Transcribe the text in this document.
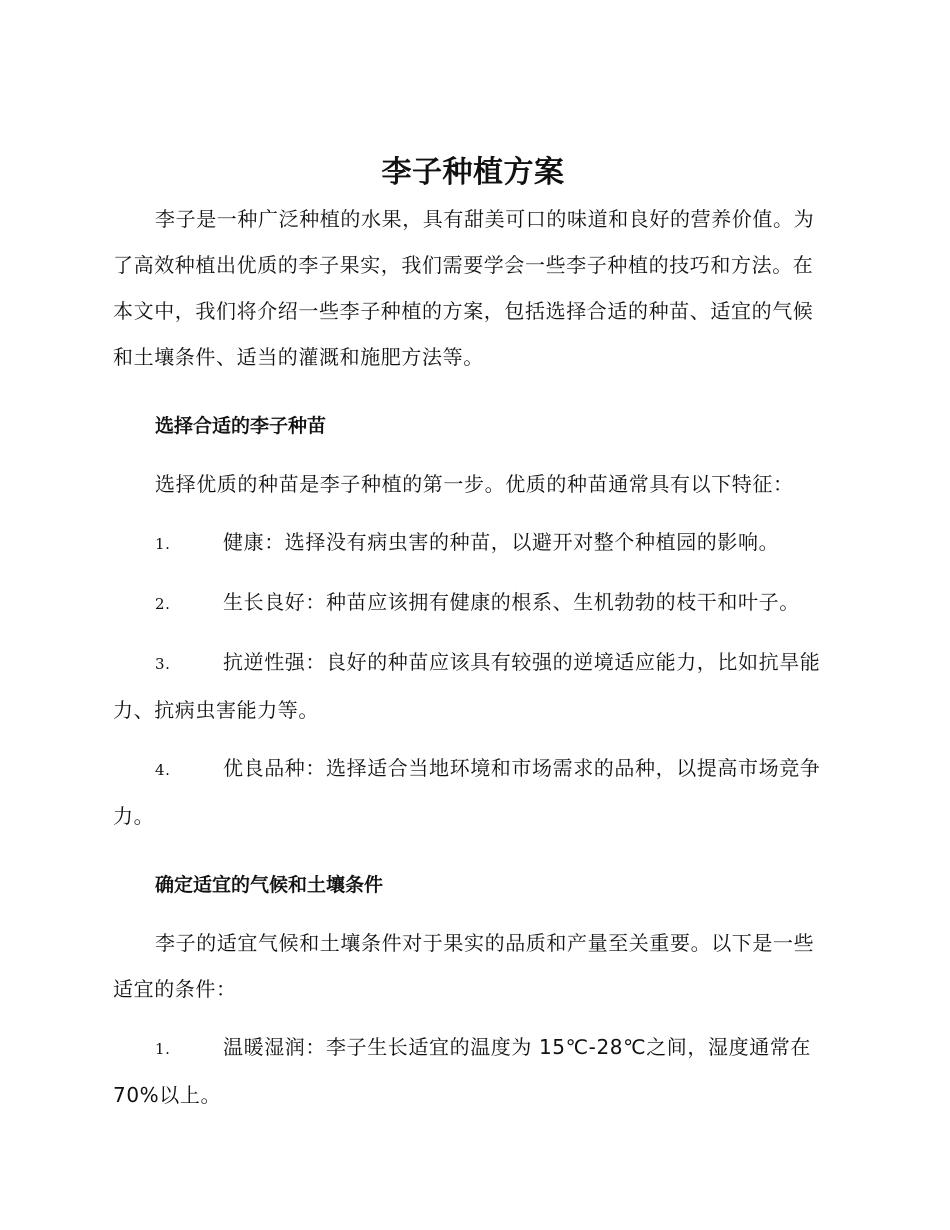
李子种植方案

李子是一种广泛种植的水果，具有甜美可口的味道和良好的营养价值。为了高效种植出优质的李子果实，我们需要学会一些李子种植的技巧和方法。在本文中，我们将介绍一些李子种植的方案，包括选择合适的种苗、适宜的气候和土壤条件、适当的灌溉和施肥方法等。

选择合适的李子种苗

选择优质的种苗是李子种植的第一步。优质的种苗通常具有以下特征：

1.	健康：选择没有病虫害的种苗，以避开对整个种植园的影响。
2.	生长良好：种苗应该拥有健康的根系、生机勃勃的枝干和叶子。
3.	抗逆性强：良好的种苗应该具有较强的逆境适应能力，比如抗旱能力、抗病虫害能力等。
4.	优良品种：选择适合当地环境和市场需求的品种，以提高市场竞争力。
确定适宜的气候和土壤条件

李子的适宜气候和土壤条件对于果实的品质和产量至关重要。以下是一些适宜的条件：

1.	温暖湿润：李子生长适宜的温度为 15℃-28℃之间，湿度通常在 70%以上。
